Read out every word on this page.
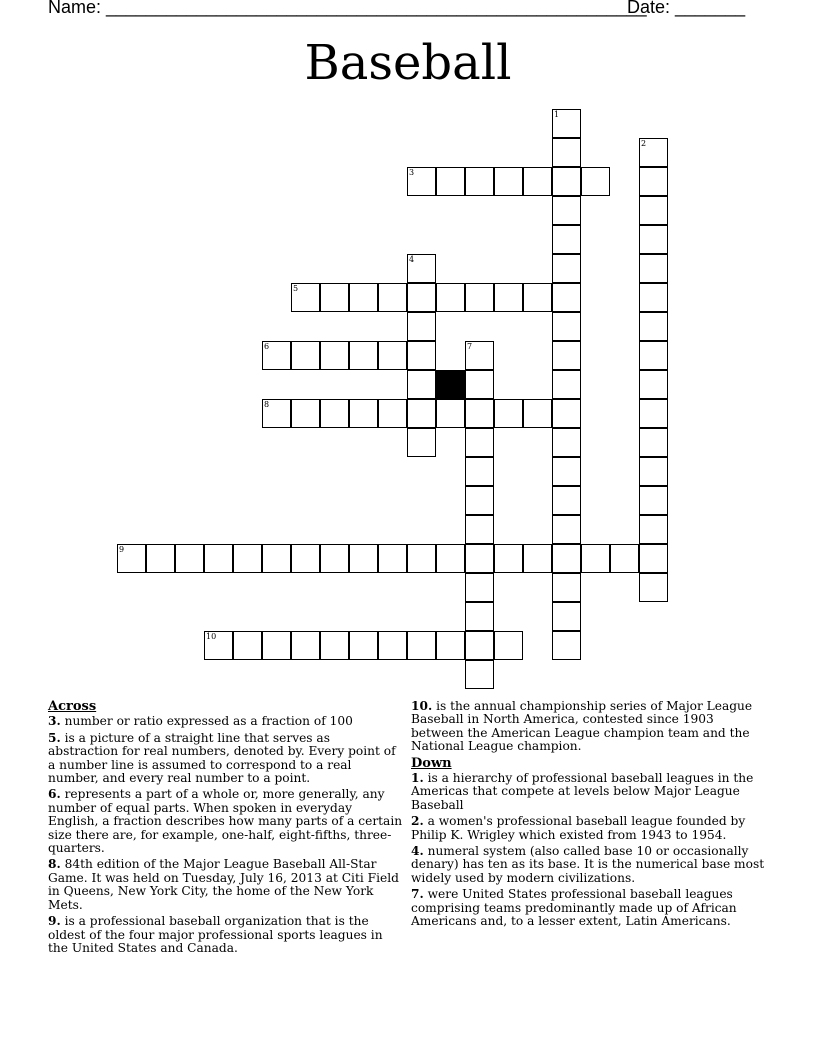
Name: ______________________________________________________
Date: _______
Baseball
1
2
3
4
5
6	7
8
9
10
Across
3. number or ratio expressed as a fraction of 100
5. is a picture of a straight line that serves as abstraction for real numbers, denoted by. Every point of a number line is assumed to correspond to a real number, and every real number to a point.
6. represents a part of a whole or, more generally, any number of equal parts. When spoken in everyday English, a fraction describes how many parts of a certain size there are, for example, one-half, eight-fifths, three-quarters.
8. 84th edition of the Major League Baseball All-Star Game. It was held on Tuesday, July 16, 2013 at Citi Field in Queens, New York City, the home of the New York Mets.
9. is a professional baseball organization that is the oldest of the four major professional sports leagues in the United States and Canada.
10. is the annual championship series of Major League Baseball in North America, contested since 1903 between the American League champion team and the National League champion.
Down
1. is a hierarchy of professional baseball leagues in the Americas that compete at levels below Major League Baseball
2. a women's professional baseball league founded by Philip K. Wrigley which existed from 1943 to 1954.
4. numeral system (also called base 10 or occasionally denary) has ten as its base. It is the numerical base most widely used by modern civilizations.
7. were United States professional baseball leagues comprising teams predominantly made up of African Americans and, to a lesser extent, Latin Americans.
